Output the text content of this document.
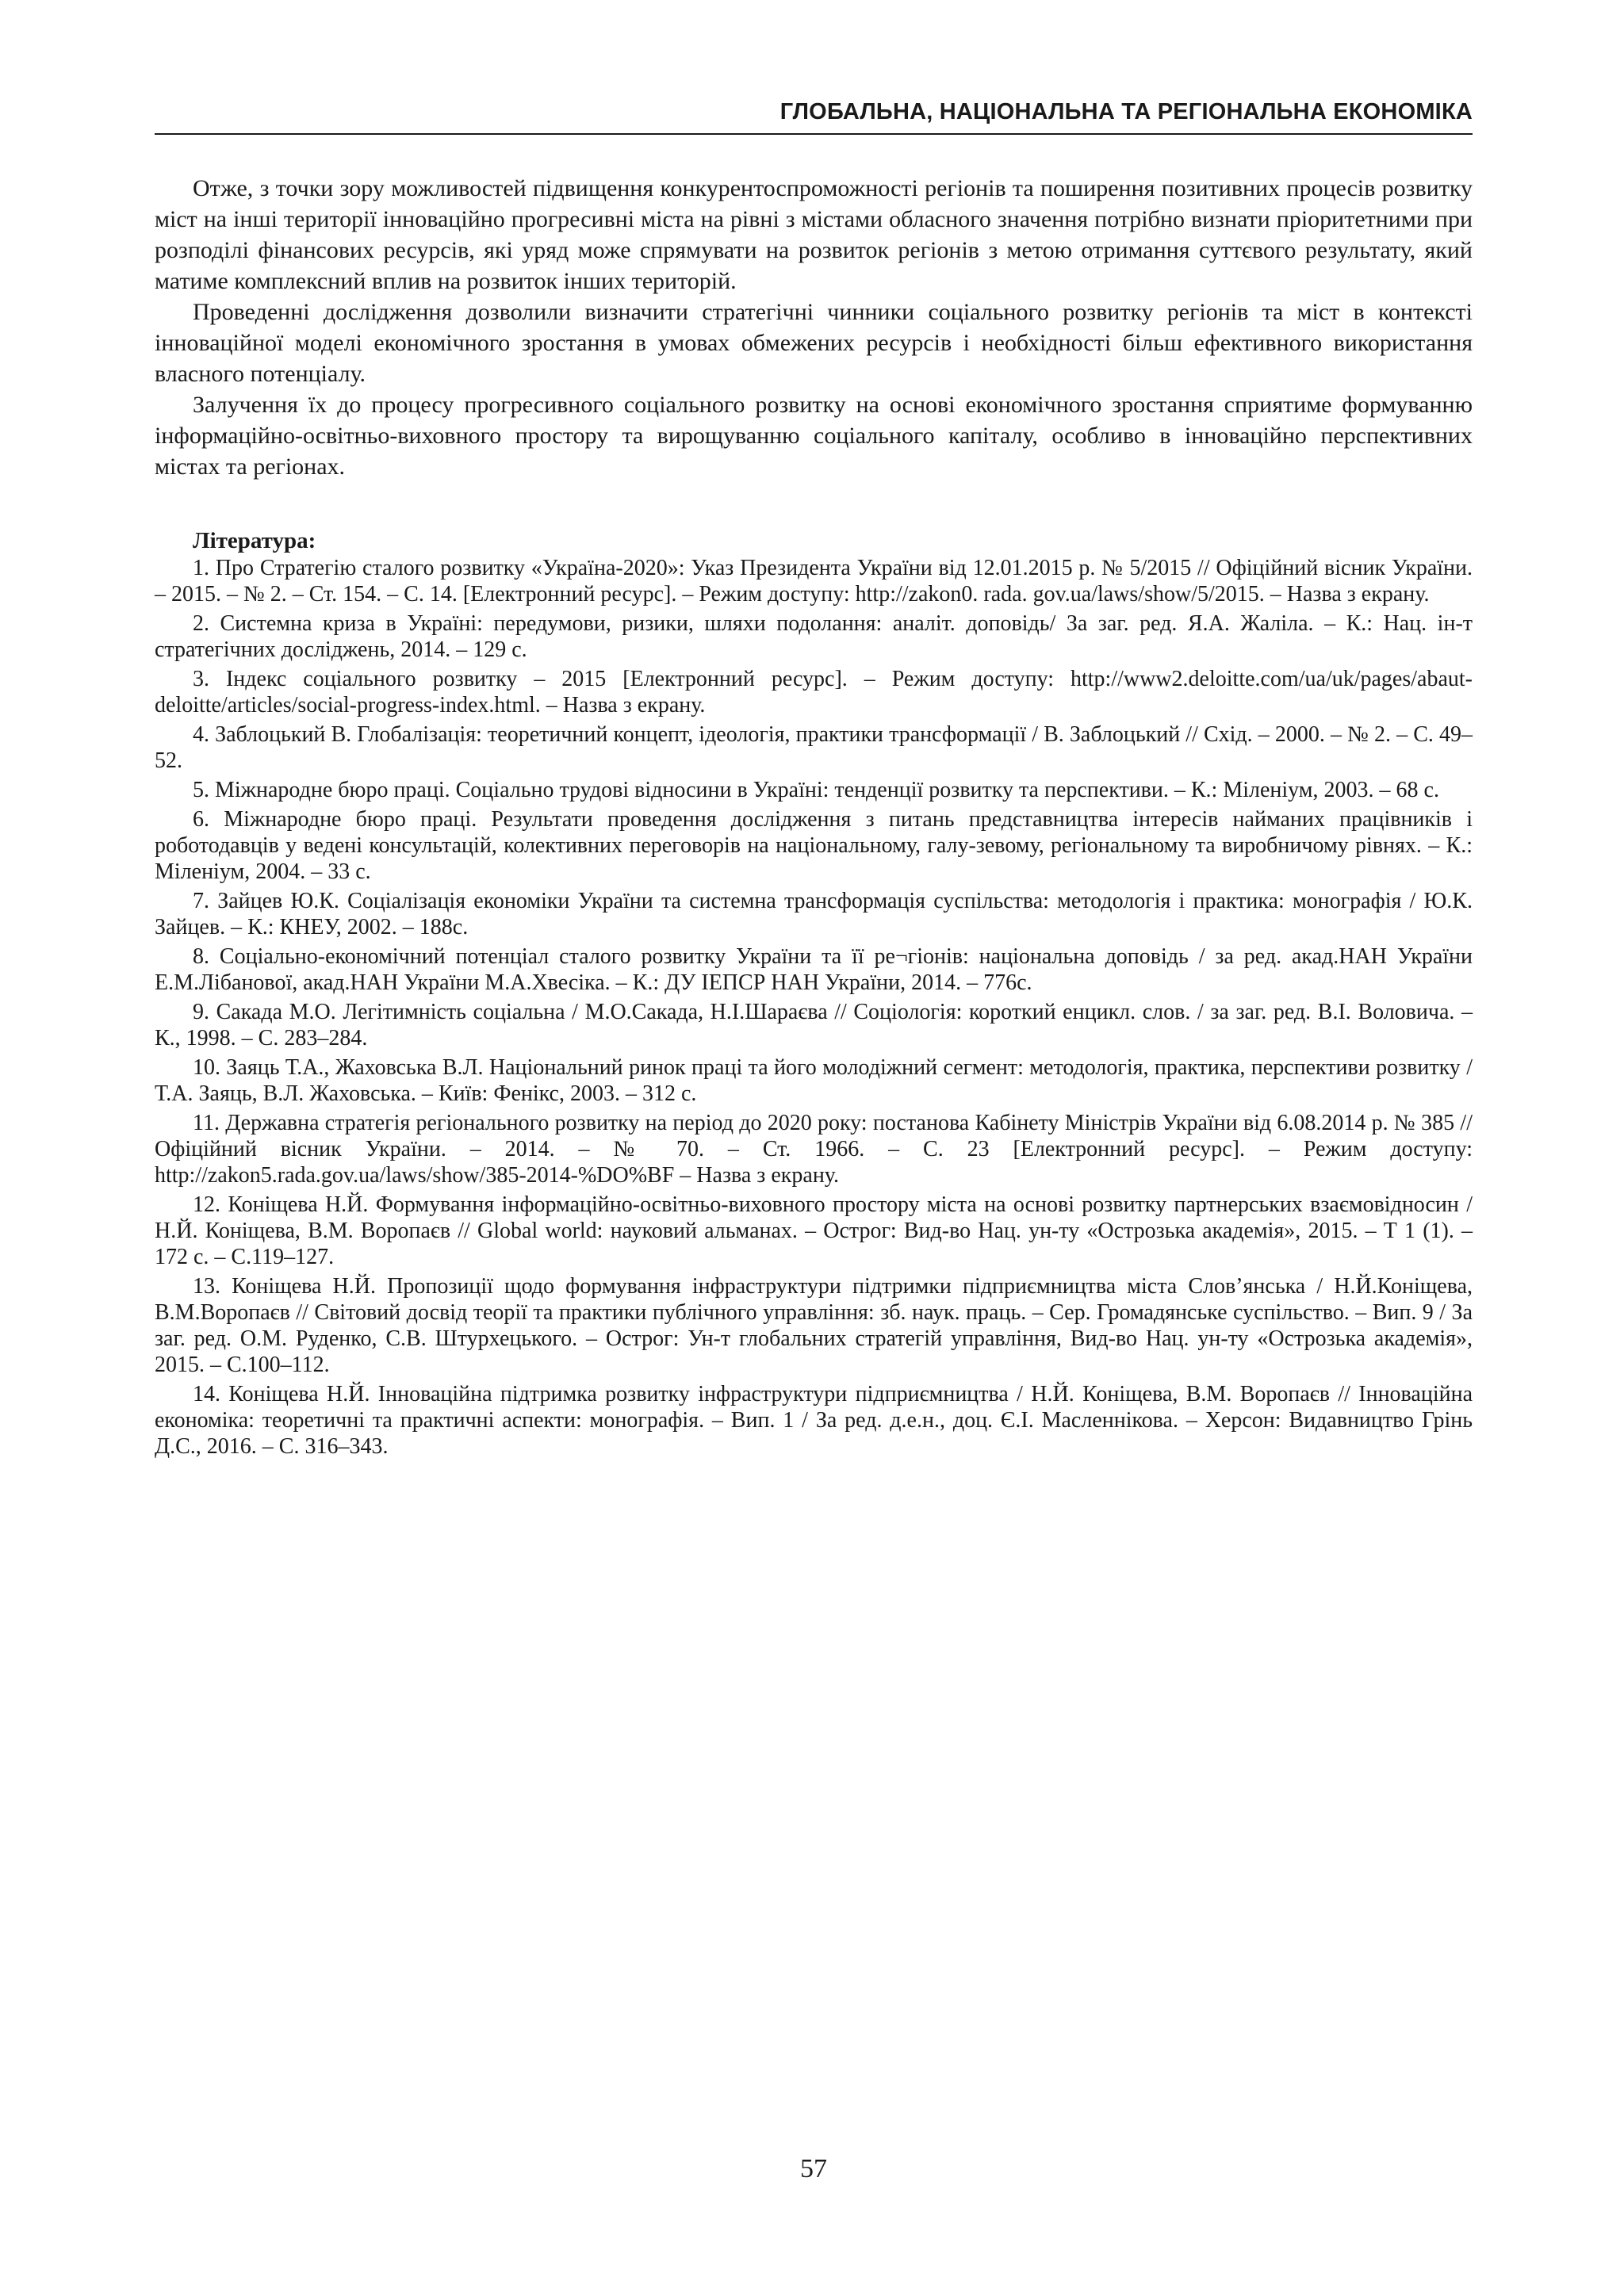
ГЛОБАЛЬНА, НАЦІОНАЛЬНА ТА РЕГІОНАЛЬНА ЕКОНОМІКА

Отже, з точки зору можливостей підвищення конкурентоспроможності регіонів та поширення позитивних процесів розвитку міст на інші території інноваційно прогресивні міста на рівні з містами обласного значення потрібно визнати пріоритетними при розподілі фінансових ресурсів, які уряд може спрямувати на розвиток регіонів з метою отримання суттєвого результату, який матиме комплексний вплив на розвиток інших територій.

Проведенні дослідження дозволили визначити стратегічні чинники соціального розвитку регіонів та міст в контексті інноваційної моделі економічного зростання в умовах обмежених ресурсів і необхідності більш ефективного використання власного потенціалу.

Залучення їх до процесу прогресивного соціального розвитку на основі економічного зростання сприятиме формуванню інформаційно-освітньо-виховного простору та вирощуванню соціального капіталу, особливо в інноваційно перспективних містах та регіонах.

Література:

1. Про Стратегію сталого розвитку «Україна-2020»: Указ Президента України від 12.01.2015 р. № 5/2015 // Офіційний вісник України. – 2015. – № 2. – Ст. 154. – С. 14. [Електронний ресурс]. – Режим доступу: http://zakon0. rada. gov.ua/laws/show/5/2015. – Назва з екрану.
2. Системна криза в Україні: передумови, ризики, шляхи подолання: аналіт. доповідь/ За заг. ред. Я.А. Жаліла. – К.: Нац. ін-т стратегічних досліджень, 2014. – 129 с.
3. Індекс соціального розвитку – 2015 [Електронний ресурс]. – Режим доступу: http://www2.deloitte.com/ua/uk/pages/abaut-deloitte/articles/social-progress-index.html. – Назва з екрану.
4. Заблоцький В. Глобалізація: теоретичний концепт, ідеологія, практики трансформації / В. Заблоцький // Схід. – 2000. – № 2. – С. 49–52.
5. Міжнародне бюро праці. Соціально трудові відносини в Україні: тенденції розвитку та перспективи. – К.: Міленіум, 2003. – 68 с.
6. Міжнародне бюро праці. Результати проведення дослідження з питань представництва інтересів найманих працівників і роботодавців у ведені консультацій, колективних переговорів на національному, галу-зевому, регіональному та виробничому рівнях. – К.: Міленіум, 2004. – 33 с.
7. Зайцев Ю.К. Соціалізація економіки України та системна трансформація суспільства: методологія і практика: монографія / Ю.К. Зайцев. – К.: КНЕУ, 2002. – 188с.
8. Соціально-економічний потенціал сталого розвитку України та її ре¬гіонів: національна доповідь / за ред. акад.НАН України Е.М.Лібанової, акад.НАН України М.А.Хвесіка. – К.: ДУ ІЕПСР НАН України, 2014. – 776с.
9. Сакада М.О. Легітимність соціальна / М.О.Сакада, Н.І.Шараєва // Соціологія: короткий енцикл. слов. / за заг. ред. В.І. Воловича. – К., 1998. – С. 283–284.
10. Заяць Т.А., Жаховська В.Л. Національний ринок праці та його молодіжний сегмент: методологія, практика, перспективи розвитку / Т.А. Заяць, В.Л. Жаховська. – Київ: Фенікс, 2003. – 312 с.
11. Державна стратегія регіонального розвитку на період до 2020 року: постанова Кабінету Міністрів України від 6.08.2014 р. № 385 // Офіційний вісник України. – 2014. – № 70. – Ст. 1966. – С. 23 [Електронний ресурс]. – Режим доступу: http://zakon5.rada.gov.ua/laws/show/385-2014-%DO%BF – Назва з екрану.
12. Коніщева Н.Й. Формування інформаційно-освітньо-виховного простору міста на основі розвитку партнерських взаємовідносин / Н.Й. Коніщева, В.М. Воропаєв // Global world: науковий альманах. – Острог: Вид-во Нац. ун-ту «Острозька академія», 2015. – Т 1 (1). – 172 с. – С.119–127.
13. Коніщева Н.Й. Пропозиції щодо формування інфраструктури підтримки підприємництва міста Слов’янська / Н.Й.Коніщева, В.М.Воропаєв // Світовий досвід теорії та практики публічного управління: зб. наук. праць. – Сер. Громадянське суспільство. – Вип. 9 / За заг. ред. О.М. Руденко, С.В. Штурхецького. – Острог: Ун-т глобальних стратегій управління, Вид-во Нац. ун-ту «Острозька академія», 2015. – С.100–112.
14. Коніщева Н.Й. Інноваційна підтримка розвитку інфраструктури підприємництва / Н.Й. Коніщева, В.М. Воропаєв // Інноваційна економіка: теоретичні та практичні аспекти: монографія. – Вип. 1 / За ред. д.е.н., доц. Є.І. Масленнікова. – Херсон: Видавництво Грінь Д.С., 2016. – С. 316–343.
57
